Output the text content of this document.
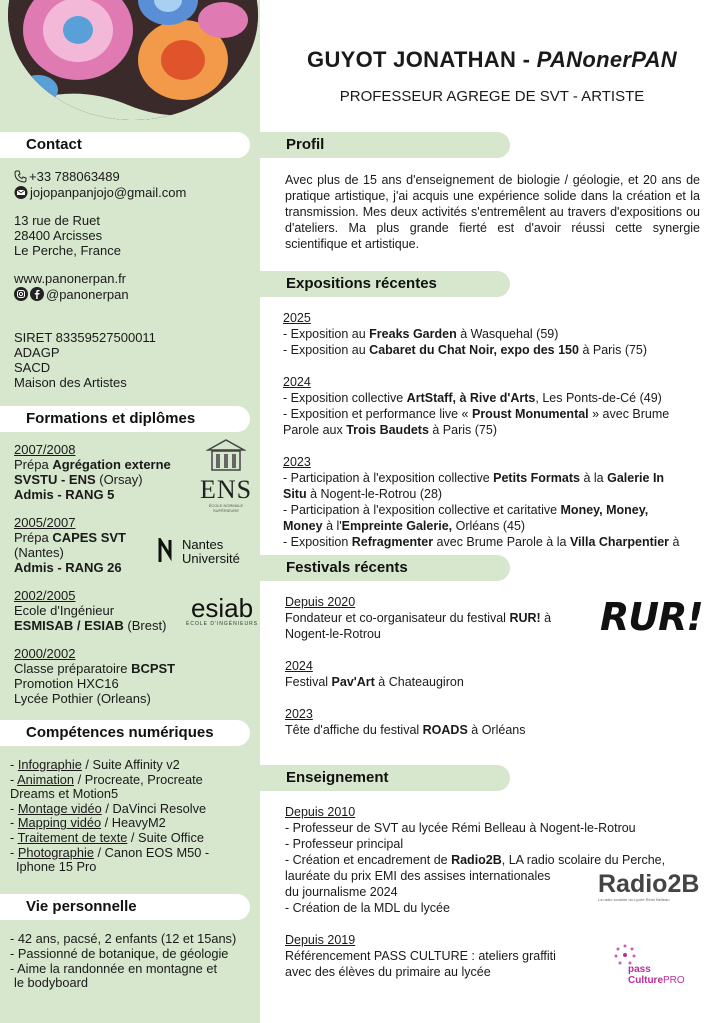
Contact
+33 788063489
jojopanpanjojo@gmail.com
13 rue de Ruet
28400 Arcisses
Le Perche, France
www.panonerpan.fr
@panonerpan
SIRET 83359527500011
ADAGP
SACD
Maison des Artistes
Formations et diplômes
2007/2008
Prépa Agrégation externe
SVSTU - ENS (Orsay)
Admis - RANG 5
2005/2007
Prépa CAPES SVT
(Nantes)
Admis - RANG 26
2002/2005
Ecole d'Ingénieur
ESMISAB / ESIAB (Brest)
2000/2002
Classe préparatoire BCPST
Promotion HXC16
Lycée Pothier (Orleans)
ENS
ÉCOLE NORMALE SUPÉRIEURE
Nantes
Université
esiab
ÉCOLE D'INGÉNIEURS
Compétences numériques
- Infographie / Suite Affinity v2
- Animation / Procreate, Procreate
Dreams et Motion5
- Montage vidéo / DaVinci Resolve
- Mapping vidéo / HeavyM2
- Traitement de texte / Suite Office
- Photographie / Canon EOS M50 -
Iphone 15 Pro
Vie personnelle
- 42 ans, pacsé, 2 enfants (12 et 15ans)
- Passionné de botanique, de géologie
- Aime la randonnée en montagne et
le bodyboard
GUYOT JONATHAN - PANonerPAN
PROFESSEUR AGREGE DE SVT - ARTISTE
Profil
Avec plus de 15 ans d'enseignement de biologie / géologie, et 20 ans de pratique artistique, j'ai acquis une expérience solide dans la création et la transmission. Mes deux activités s'entremêlent au travers d'expositions ou d'ateliers. Ma plus grande fierté est d'avoir réussi cette synergie scientifique et artistique.
Expositions récentes
2025
- Exposition au Freaks Garden à Wasquehal (59)
- Exposition au Cabaret du Chat Noir, expo des 150 à Paris (75)
2024
- Exposition collective ArtStaff, à Rive d'Arts, Les Ponts-de-Cé (49)
- Exposition et performance live « Proust Monumental » avec Brume
Parole aux Trois Baudets à Paris (75)
2023
- Participation à l'exposition collective Petits Formats à la Galerie In
Situ à Nogent-le-Rotrou (28)
- Participation à l'exposition collective et caritative Money, Money,
Money à l'Empreinte Galerie, Orléans (45)
- Exposition Refragmenter avec Brume Parole à la Villa Charpentier à
Festivals récents
Depuis 2020
Fondateur et co-organisateur du festival RUR! à
Nogent-le-Rotrou
2024
Festival Pav'Art à Chateaugiron
2023
Tête d'affiche du festival ROADS à Orléans
RUR!
Enseignement
Depuis 2010
- Professeur de SVT au lycée Rémi Belleau à Nogent-le-Rotrou
- Professeur principal
- Création et encadrement de Radio2B, LA radio scolaire du Perche,
lauréate du prix EMI des assises internationales
du journalisme 2024
- Création de la MDL du lycée
Depuis 2019
Référencement PASS CULTURE : ateliers graffiti
avec des élèves du primaire au lycée
Radio2B
La radio scolaire du Lycée Rémi Belleau
pass
CulturePRO
